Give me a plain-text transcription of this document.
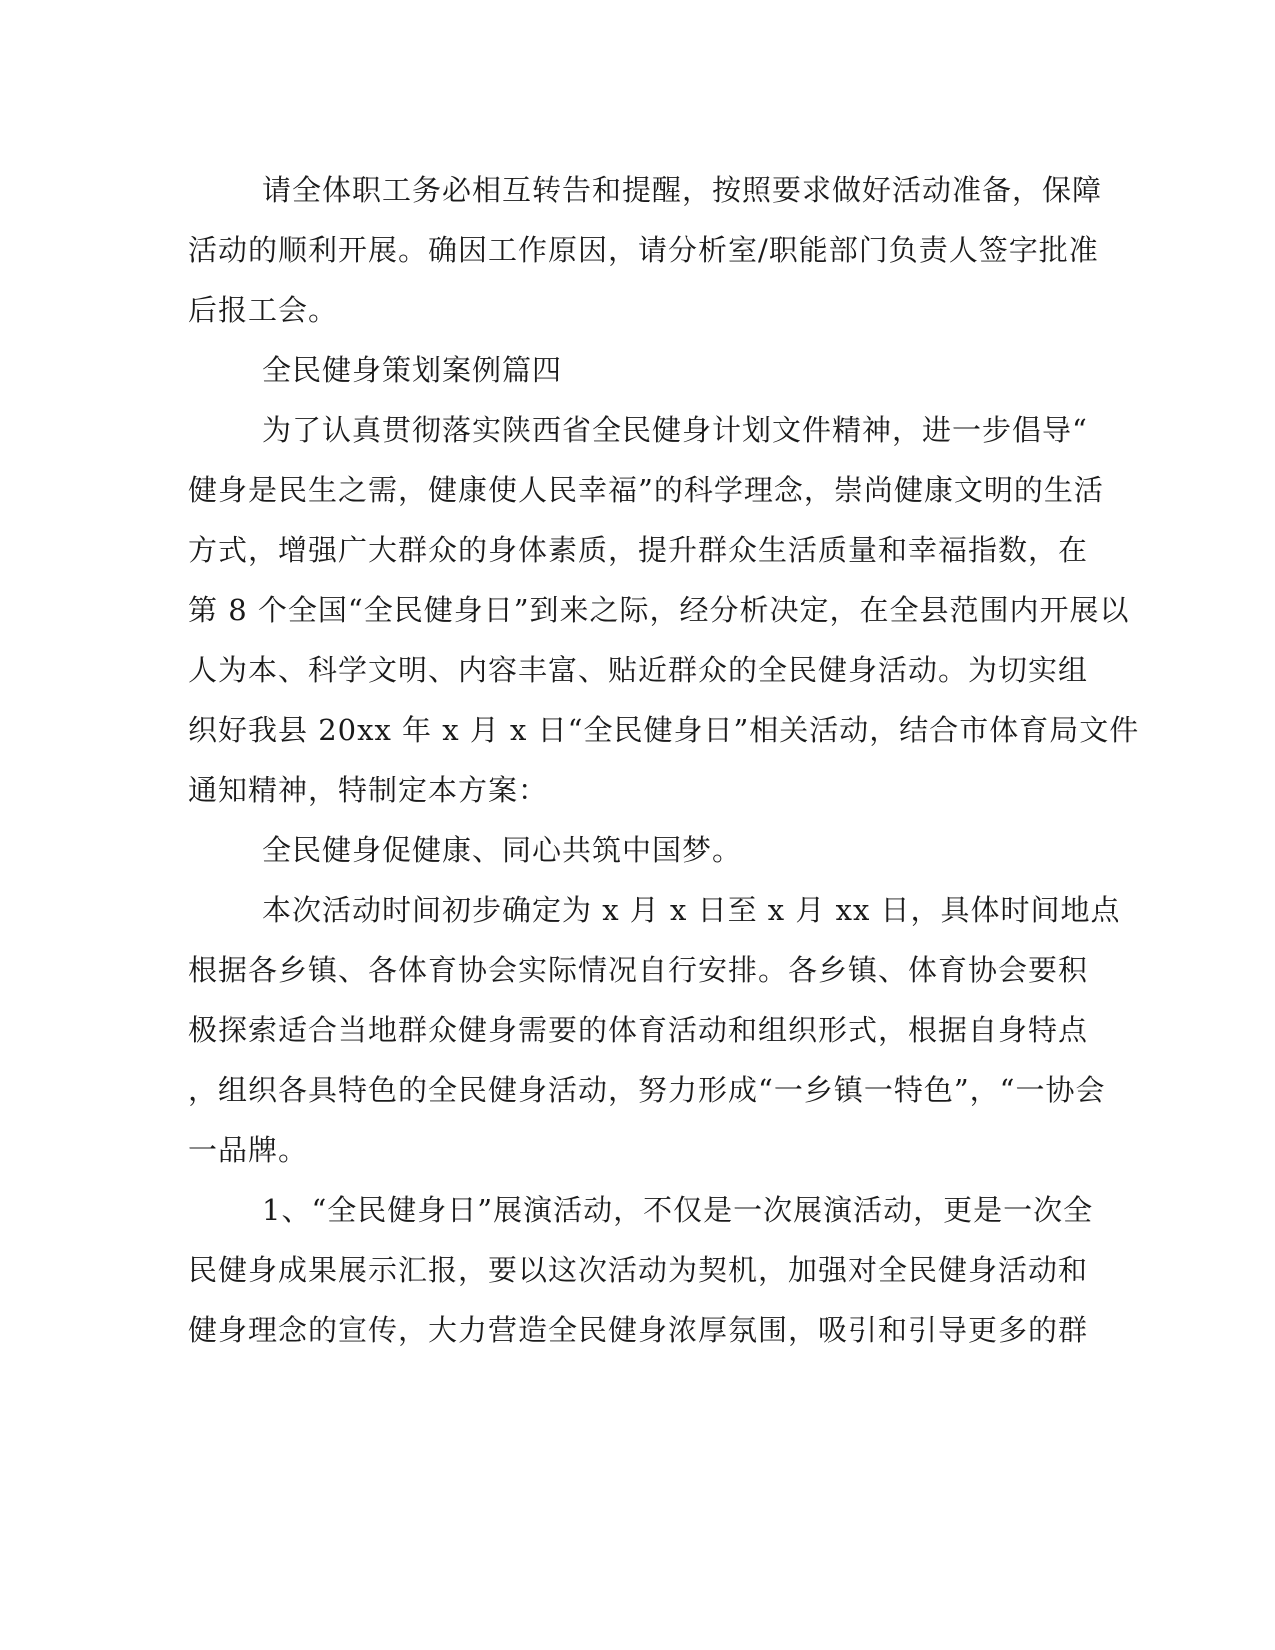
请全体职工务必相互转告和提醒，按照要求做好活动准备，保障
活动的顺利开展。确因工作原因，请分析室/职能部门负责人签字批准
后报工会。
全民健身策划案例篇四
为了认真贯彻落实陕西省全民健身计划文件精神，进一步倡导“
健身是民生之需，健康使人民幸福”的科学理念，崇尚健康文明的生活
方式，增强广大群众的身体素质，提升群众生活质量和幸福指数，在
第 8 个全国“全民健身日”到来之际，经分析决定，在全县范围内开展以
人为本、科学文明、内容丰富、贴近群众的全民健身活动。为切实组
织好我县 20xx 年 x 月 x 日“全民健身日”相关活动，结合市体育局文件
通知精神，特制定本方案：
全民健身促健康、同心共筑中国梦。
本次活动时间初步确定为 x 月 x 日至 x 月 xx 日，具体时间地点
根据各乡镇、各体育协会实际情况自行安排。各乡镇、体育协会要积
极探索适合当地群众健身需要的体育活动和组织形式，根据自身特点
，组织各具特色的全民健身活动，努力形成“一乡镇一特色”，“一协会
一品牌。
1、“全民健身日”展演活动，不仅是一次展演活动，更是一次全
民健身成果展示汇报，要以这次活动为契机，加强对全民健身活动和
健身理念的宣传，大力营造全民健身浓厚氛围，吸引和引导更多的群
